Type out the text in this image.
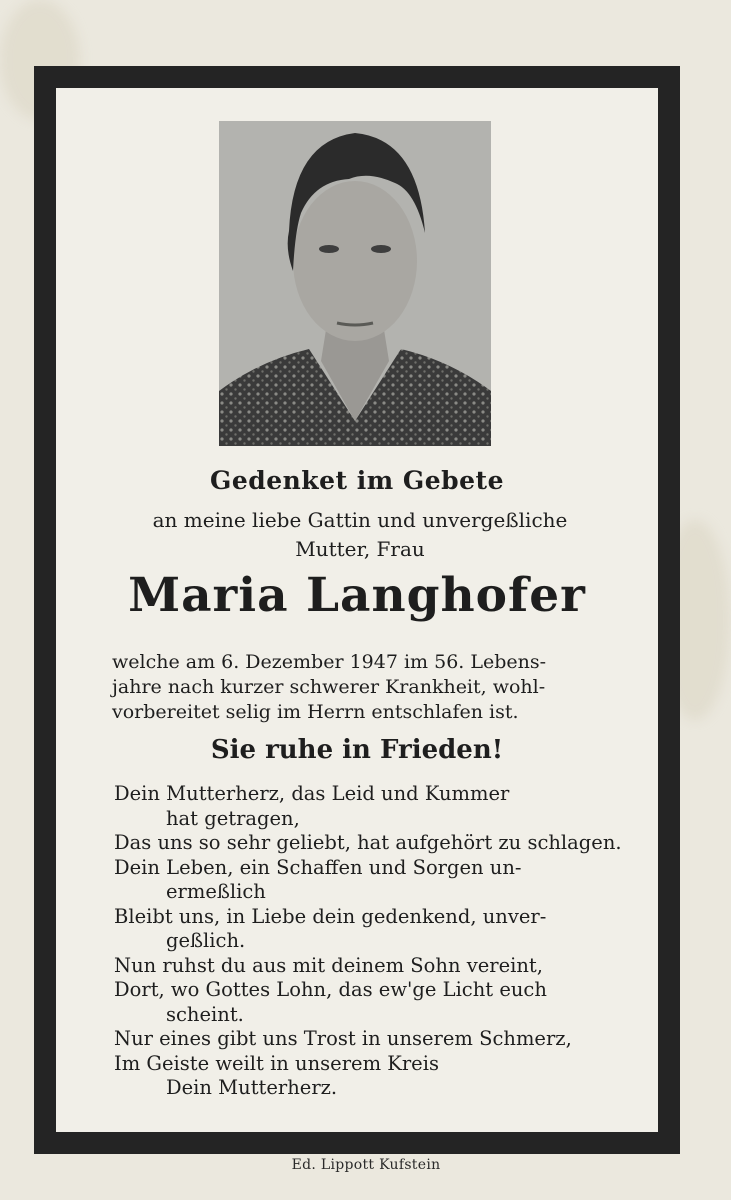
Gedenket im Gebete
an meine liebe Gattin und unvergeßliche
Mutter, Frau
Maria Langhofer
welche am 6. Dezember 1947 im 56. Lebens-
jahre nach kurzer schwerer Krankheit, wohl-
vorbereitet selig im Herrn entschlafen ist.
Sie ruhe in Frieden!
Dein Mutterherz, das Leid und Kummer
hat getragen,
Das uns so sehr geliebt, hat aufgehört zu schlagen.
Dein Leben, ein Schaffen und Sorgen un-
ermeßlich
Bleibt uns, in Liebe dein gedenkend, unver-
geßlich.
Nun ruhst du aus mit deinem Sohn vereint,
Dort, wo Gottes Lohn, das ew'ge Licht euch
scheint.
Nur eines gibt uns Trost in unserem Schmerz,
Im Geiste weilt in unserem Kreis
Dein Mutterherz.
Ed. Lippott Kufstein
